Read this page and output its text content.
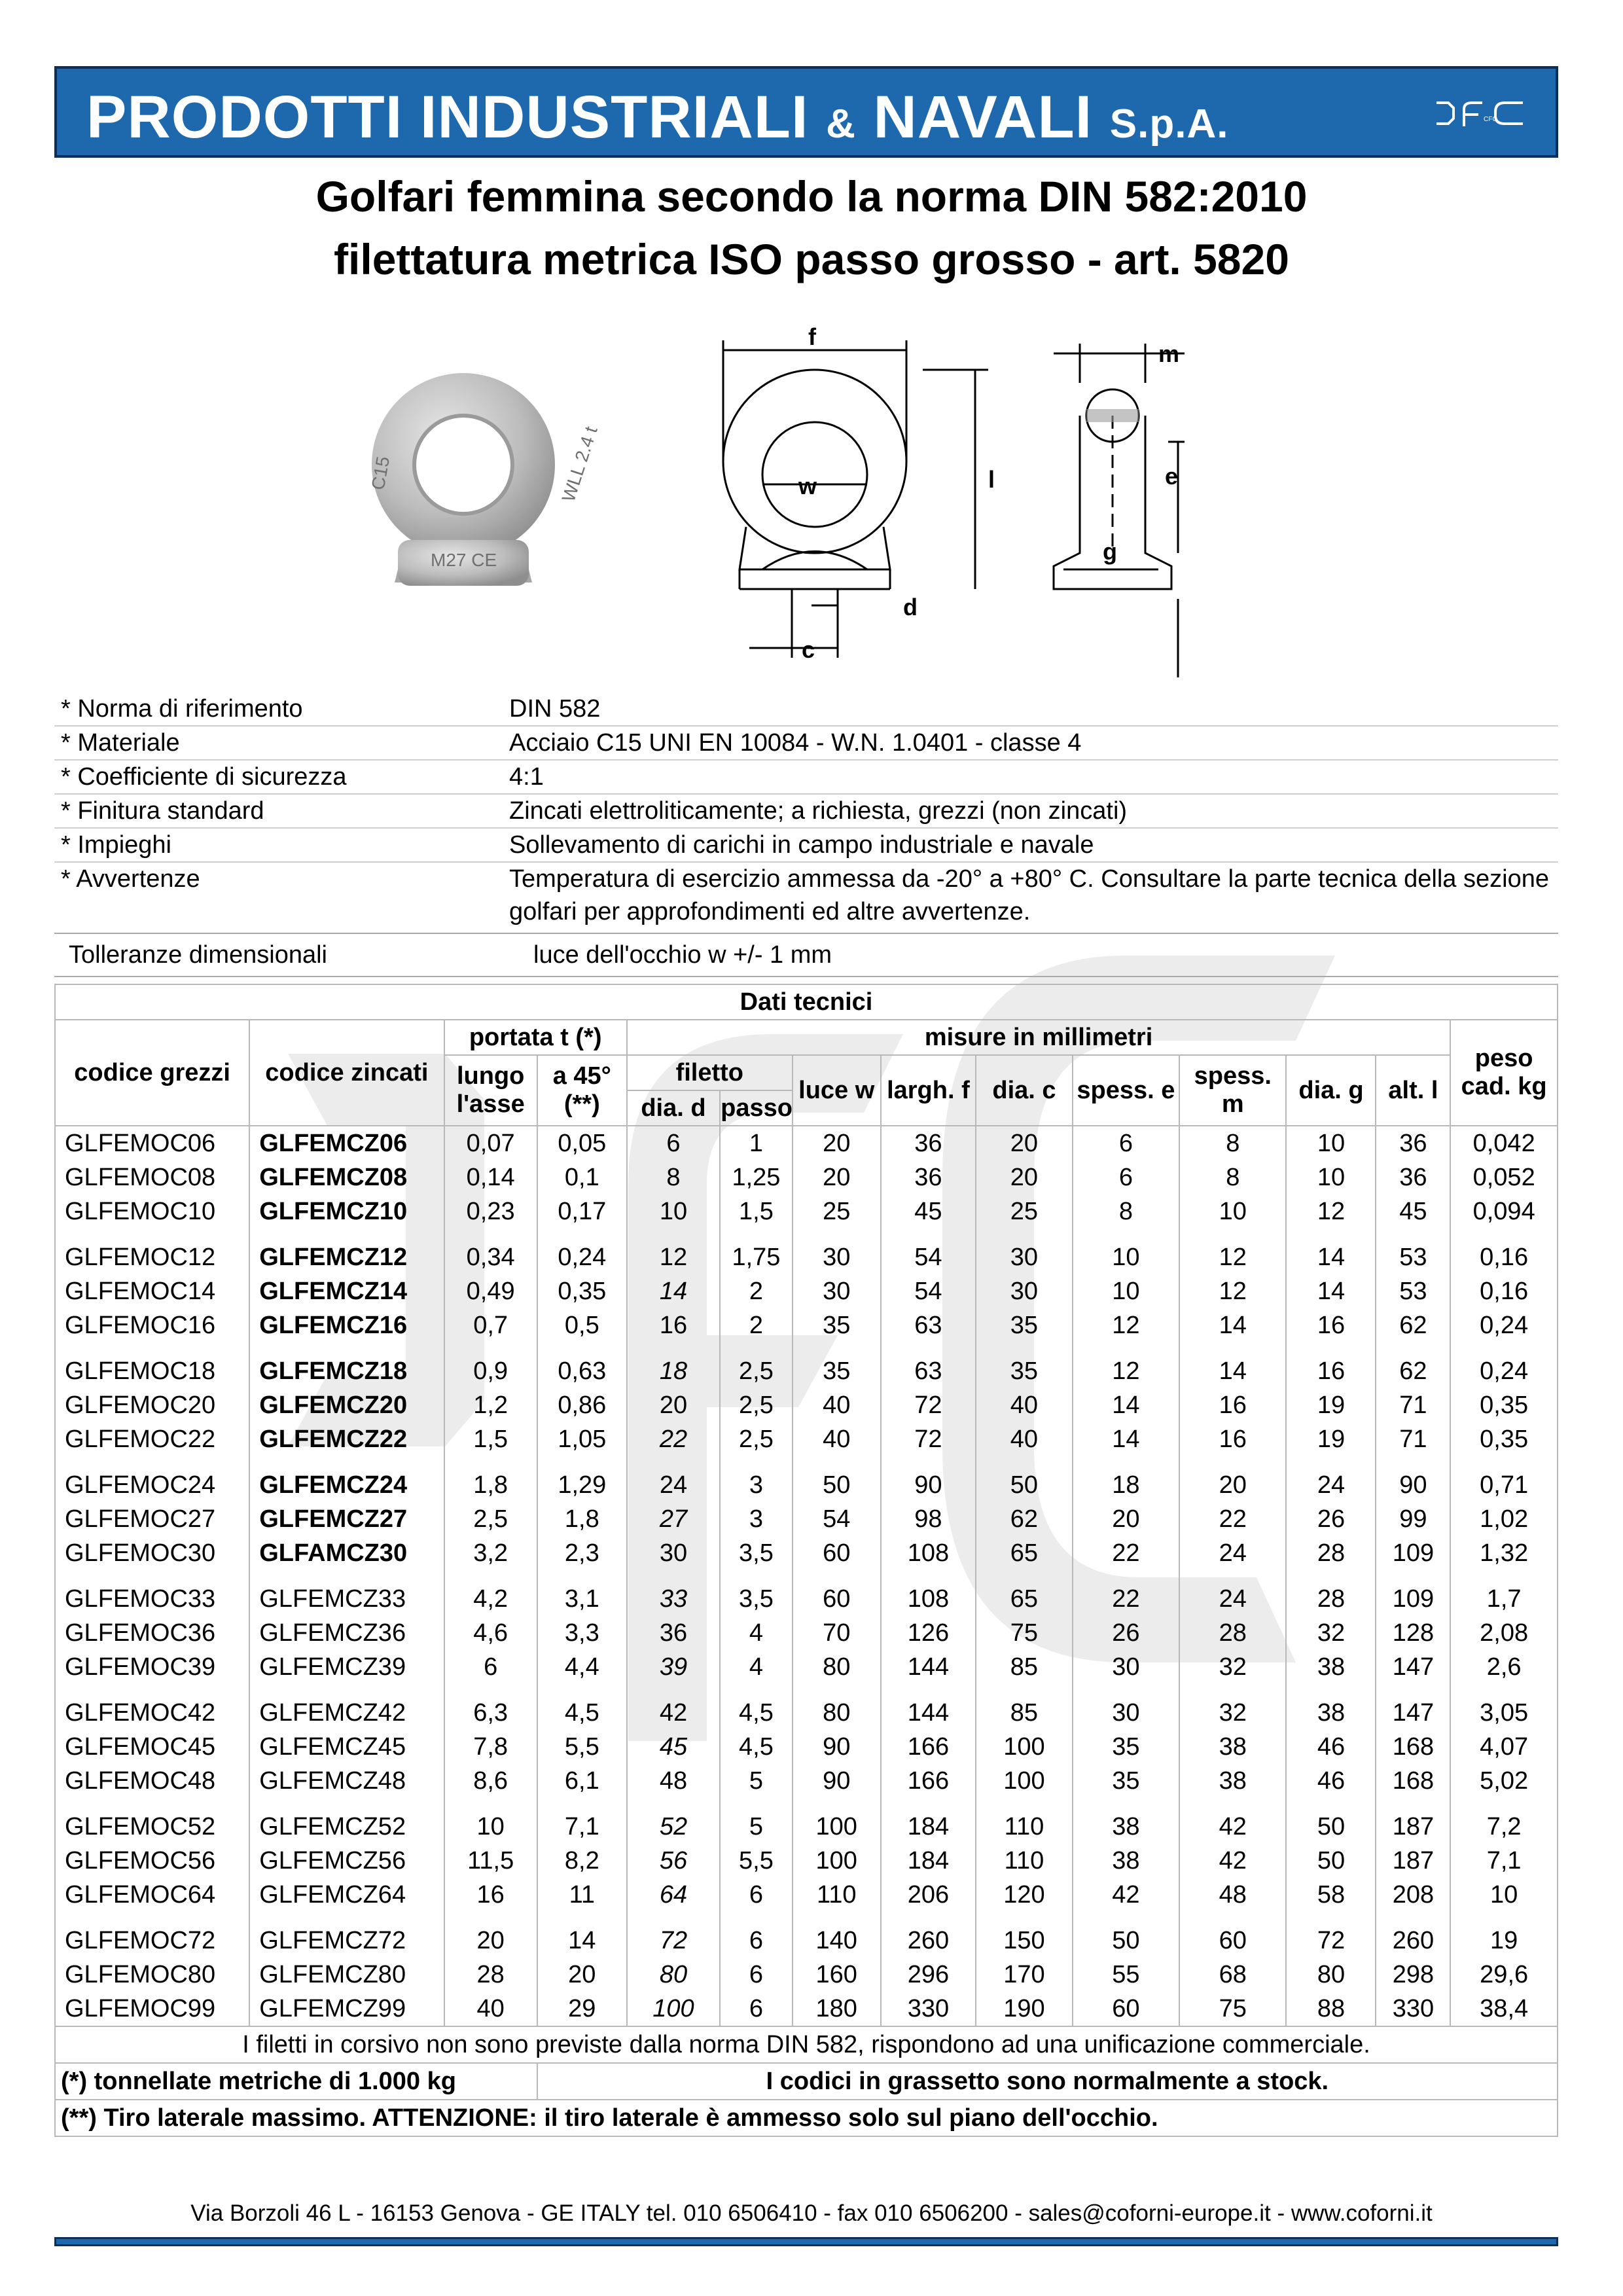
PRODOTTI INDUSTRIALI & NAVALI S.p.A.	CFC
Golfari femmina secondo la norma DIN 582:2010
filettatura metrica ISO passo grosso - art. 5820
C15	WLL 2.4 t
M27 CE
f
m
w	l	e
g
d
c
* Norma di riferimento	DIN 582
* Materiale	Acciaio C15 UNI EN 10084 - W.N. 1.0401 - classe 4
* Coefficiente di sicurezza	4:1
* Finitura standard	Zincati elettroliticamente; a richiesta, grezzi (non zincati)
* Impieghi	Sollevamento di carichi in campo industriale e navale
* Avvertenze	Temperatura di esercizio ammessa da -20° a +80° C. Consultare la parte tecnica della sezione golfari per approfondimenti ed altre avvertenze.
Tolleranze dimensionali	luce dell'occhio w +/- 1 mm
Dati tecnici													
codice grezzi	codice zincati	portata t (*)		misure in millimetri									peso cad. kg
		lungo l'asse	a 45° (**)	filetto		luce w	largh. f	dia. c	spess. e	spess. m	dia. g	alt. l	
				dia. d	passo								
GLFEMOC06	GLFEMCZ06	0,07	0,05	6	1	20	36	20	6	8	10	36	0,042
GLFEMOC08	GLFEMCZ08	0,14	0,1	8	1,25	20	36	20	6	8	10	36	0,052
GLFEMOC10	GLFEMCZ10	0,23	0,17	10	1,5	25	45	25	8	10	12	45	0,094

GLFEMOC12	GLFEMCZ12	0,34	0,24	12	1,75	30	54	30	10	12	14	53	0,16
GLFEMOC14	GLFEMCZ14	0,49	0,35	14	2	30	54	30	10	12	14	53	0,16
GLFEMOC16	GLFEMCZ16	0,7	0,5	16	2	35	63	35	12	14	16	62	0,24

GLFEMOC18	GLFEMCZ18	0,9	0,63	18	2,5	35	63	35	12	14	16	62	0,24
GLFEMOC20	GLFEMCZ20	1,2	0,86	20	2,5	40	72	40	14	16	19	71	0,35
GLFEMOC22	GLFEMCZ22	1,5	1,05	22	2,5	40	72	40	14	16	19	71	0,35

GLFEMOC24	GLFEMCZ24	1,8	1,29	24	3	50	90	50	18	20	24	90	0,71
GLFEMOC27	GLFEMCZ27	2,5	1,8	27	3	54	98	62	20	22	26	99	1,02
GLFEMOC30	GLFAMCZ30	3,2	2,3	30	3,5	60	108	65	22	24	28	109	1,32

GLFEMOC33	GLFEMCZ33	4,2	3,1	33	3,5	60	108	65	22	24	28	109	1,7
GLFEMOC36	GLFEMCZ36	4,6	3,3	36	4	70	126	75	26	28	32	128	2,08
GLFEMOC39	GLFEMCZ39	6	4,4	39	4	80	144	85	30	32	38	147	2,6

GLFEMOC42	GLFEMCZ42	6,3	4,5	42	4,5	80	144	85	30	32	38	147	3,05
GLFEMOC45	GLFEMCZ45	7,8	5,5	45	4,5	90	166	100	35	38	46	168	4,07
GLFEMOC48	GLFEMCZ48	8,6	6,1	48	5	90	166	100	35	38	46	168	5,02

GLFEMOC52	GLFEMCZ52	10	7,1	52	5	100	184	110	38	42	50	187	7,2
GLFEMOC56	GLFEMCZ56	11,5	8,2	56	5,5	100	184	110	38	42	50	187	7,1
GLFEMOC64	GLFEMCZ64	16	11	64	6	110	206	120	42	48	58	208	10

GLFEMOC72	GLFEMCZ72	20	14	72	6	140	260	150	50	60	72	260	19
GLFEMOC80	GLFEMCZ80	28	20	80	6	160	296	170	55	68	80	298	29,6
GLFEMOC99	GLFEMCZ99	40	29	100	6	180	330	190	60	75	88	330	38,4
I filetti in corsivo non sono previste dalla norma DIN 582, rispondono ad una unificazione commerciale.													
(*) tonnellate metriche di 1.000 kg			I codici in grassetto sono normalmente a stock.										
(**) Tiro laterale massimo. ATTENZIONE: il tiro laterale è ammesso solo sul piano dell'occhio.													
Via Borzoli 46 L - 16153 Genova - GE ITALY tel. 010 6506410 - fax 010 6506200 - sales@coforni-europe.it - www.coforni.it
